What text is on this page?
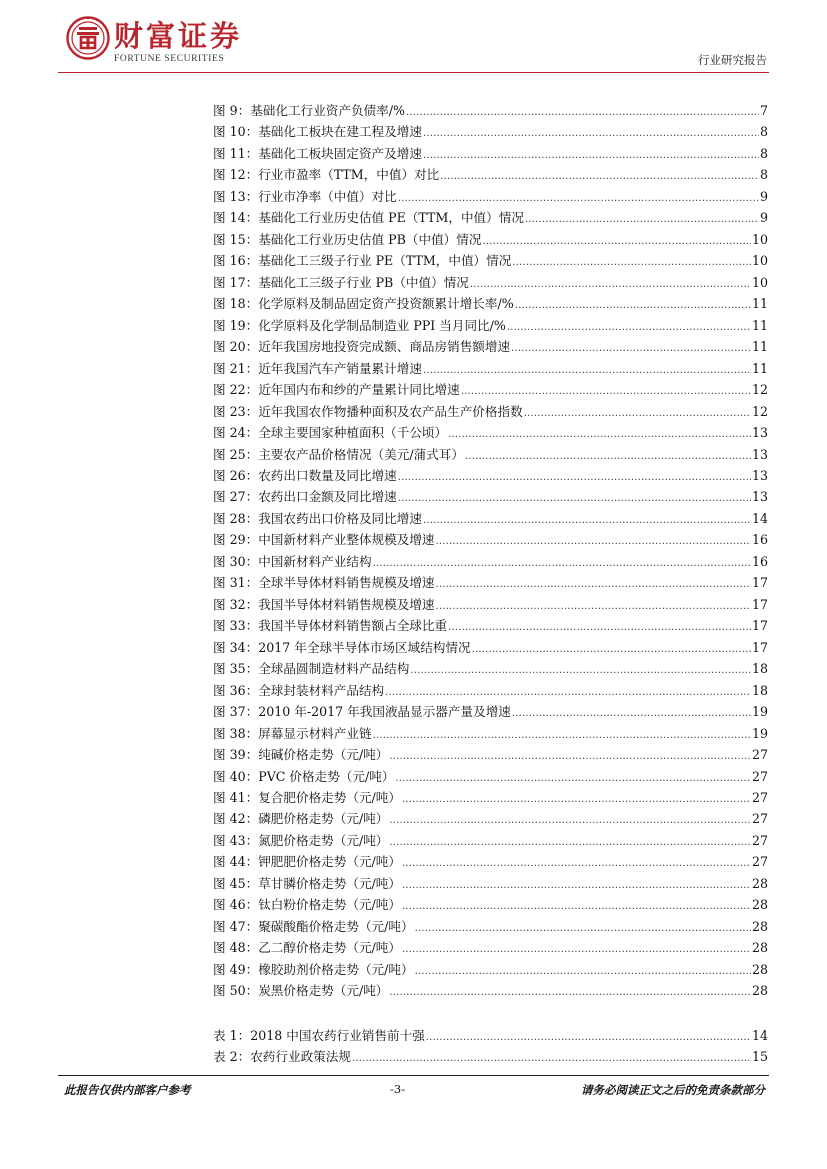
财富证券
FORTUNE SECURITIES	行业研究报告
图 9：基础化工行业资产负债率/% .....	7
图 10：基础化工板块在建工程及增速 .....	8
图 11：基础化工板块固定资产及增速 .....	8
图 12：行业市盈率（TTM，中值）对比 .....	8
图 13：行业市净率（中值）对比 .....	9
图 14：基础化工行业历史估值 PE（TTM，中值）情况 .....	9
图 15：基础化工行业历史估值 PB（中值）情况 .....	10
图 16：基础化工三级子行业 PE（TTM，中值）情况 .....	10
图 17：基础化工三级子行业 PB（中值）情况 .....	10
图 18：化学原料及制品固定资产投资额累计增长率/% .....	11
图 19：化学原料及化学制品制造业 PPI 当月同比/% .....	11
图 20：近年我国房地投资完成额、商品房销售额增速 .....	11
图 21：近年我国汽车产销量累计增速 .....	11
图 22：近年国内布和纱的产量累计同比增速 .....	12
图 23：近年我国农作物播种面积及农产品生产价格指数 .....	12
图 24：全球主要国家种植面积（千公顷） .....	13
图 25：主要农产品价格情况（美元/蒲式耳） .....	13
图 26：农药出口数量及同比增速 .....	13
图 27：农药出口金额及同比增速 .....	13
图 28：我国农药出口价格及同比增速 .....	14
图 29：中国新材料产业整体规模及增速 .....	16
图 30：中国新材料产业结构 .....	16
图 31：全球半导体材料销售规模及增速 .....	17
图 32：我国半导体材料销售规模及增速 .....	17
图 33：我国半导体材料销售额占全球比重 .....	17
图 34：2017 年全球半导体市场区域结构情况 .....	17
图 35：全球晶圆制造材料产品结构 .....	18
图 36：全球封装材料产品结构 .....	18
图 37：2010 年-2017 年我国液晶显示器产量及增速 .....	19
图 38：屏幕显示材料产业链 .....	19
图 39：纯碱价格走势（元/吨） .....	27
图 40：PVC 价格走势（元/吨） .....	27
图 41：复合肥价格走势（元/吨） .....	27
图 42：磷肥价格走势（元/吨） .....	27
图 43：氮肥价格走势（元/吨） .....	27
图 44：钾肥肥价格走势（元/吨） .....	27
图 45：草甘膦价格走势（元/吨） .....	28
图 46：钛白粉价格走势（元/吨） .....	28
图 47：聚碳酸酯价格走势（元/吨） .....	28
图 48：乙二醇价格走势（元/吨） .....	28
图 49：橡胶助剂价格走势（元/吨） .....	28
图 50：炭黑价格走势（元/吨） .....	28
表 1：2018 中国农药行业销售前十强 .....	14
表 2：农药行业政策法规 .....	15
此报告仅供内部客户参考	-3-	请务必阅读正文之后的免责条款部分
